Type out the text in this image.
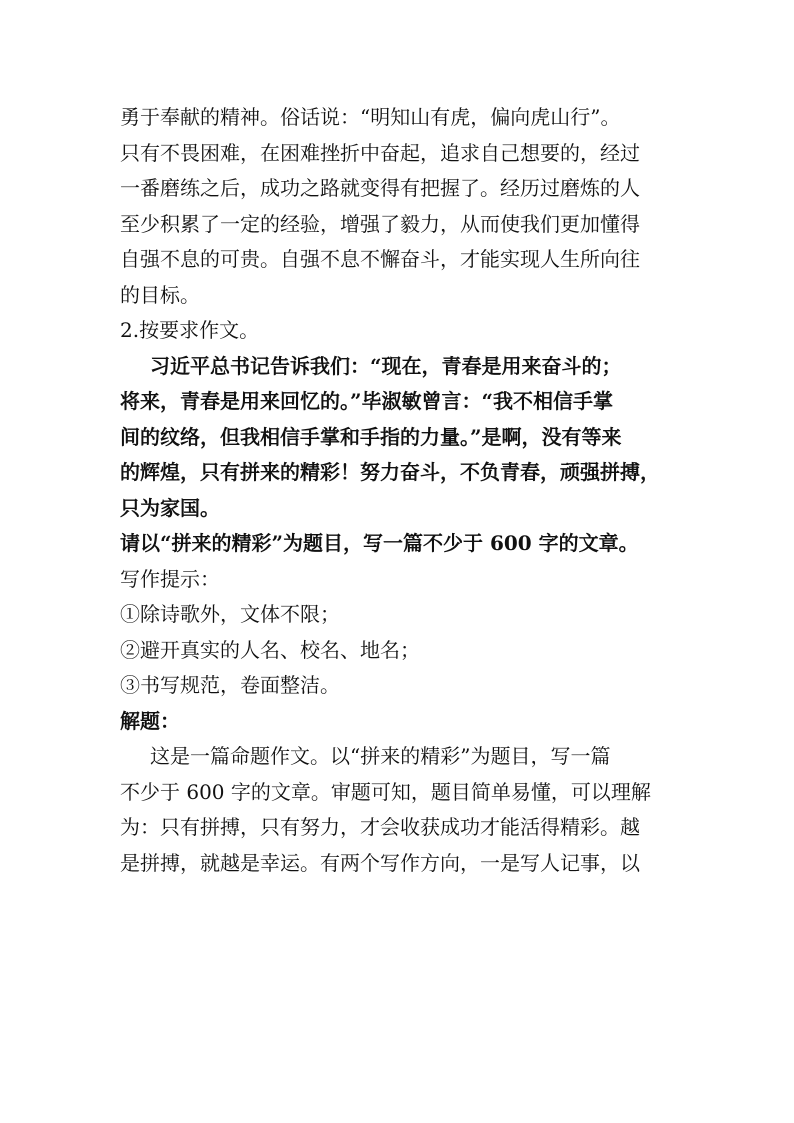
勇于奉献的精神。俗话说：“明知山有虎，偏向虎山行”。

只有不畏困难，在困难挫折中奋起，追求自己想要的，经过

一番磨练之后，成功之路就变得有把握了。经历过磨炼的人

至少积累了一定的经验，增强了毅力，从而使我们更加懂得

自强不息的可贵。自强不息不懈奋斗，才能实现人生所向往

的目标。

2.按要求作文。

习近平总书记告诉我们：“现在，青春是用来奋斗的；

将来，青春是用来回忆的。”毕淑敏曾言：“我不相信手掌

间的纹络，但我相信手掌和手指的力量。”是啊，没有等来

的辉煌，只有拼来的精彩！努力奋斗，不负青春，顽强拼搏，

只为家国。

请以“拼来的精彩”为题目，写一篇不少于 600 字的文章。

写作提示：

①除诗歌外，文体不限；

②避开真实的人名、校名、地名；

③书写规范，卷面整洁。

解题：

这是一篇命题作文。以“拼来的精彩”为题目，写一篇

不少于 600 字的文章。审题可知，题目简单易懂，可以理解

为：只有拼搏，只有努力，才会收获成功才能活得精彩。越

是拼搏，就越是幸运。有两个写作方向，一是写人记事，以
